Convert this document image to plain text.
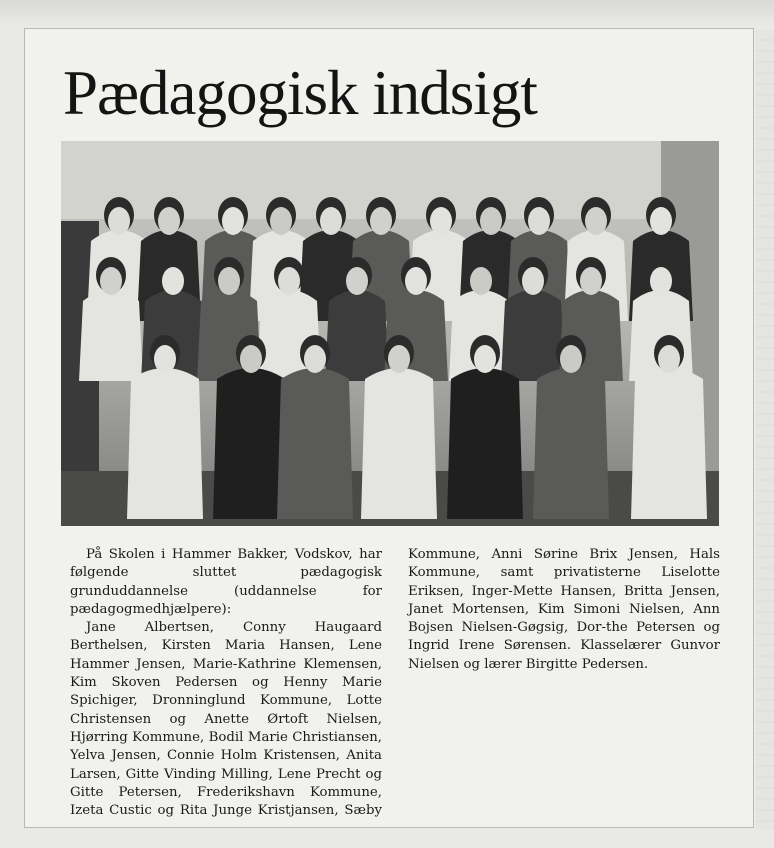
Pædagogisk indsigt

På Skolen i Hammer Bakker, Vodskov, har følgende sluttet pædagogisk grunduddannelse (uddannelse for pædagogmedhjælpere):

Jane Albertsen, Conny Haugaard Berthelsen, Kirsten Maria Hansen, Lene Hammer Jensen, Marie-Kathrine Klemensen, Kim Skoven Pedersen og Henny Marie Spichiger, Dronninglund Kommune, Lotte Christensen og Anette Ørtoft Nielsen, Hjørring Kommune, Bodil Marie Christiansen, Yelva Jensen, Connie Holm Kristensen, Anita Larsen, Gitte Vinding Milling, Lene Precht og Gitte Petersen, Frederikshavn Kommune, Izeta Custic og Rita Junge Kristjansen, Sæby Kommune, Anni Sørine Brix Jensen, Hals Kommune, samt privatisterne Liselotte Eriksen, Inger-Mette Hansen, Britta Jensen, Janet Mortensen, Kim Simoni Nielsen, Ann Bojsen Nielsen-Gøgsig, Dor-the Petersen og Ingrid Irene Sørensen. Klasselærer Gunvor Nielsen og lærer Birgitte Pedersen.
